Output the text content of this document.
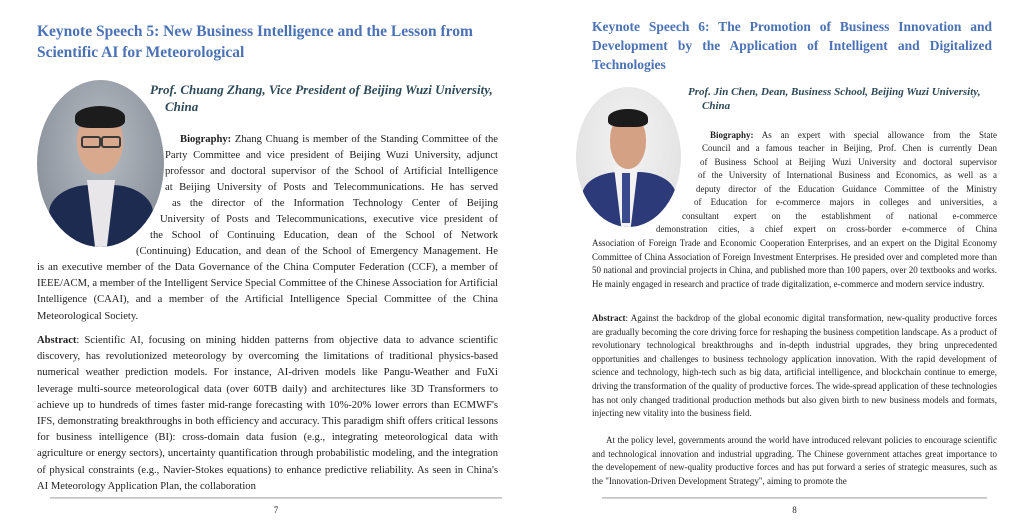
Keynote Speech 5: New Business Intelligence and the Lesson from
Scientific AI for Meteorological

Prof. Chuang Zhang, Vice President of Beijing Wuzi University,
China

Biography: Zhang Chuang is member of the Standing Committee of the

Party Committee and vice president of Beijing Wuzi University, adjunct

professor and doctoral supervisor of the School of Artificial Intelligence

at Beijing University of Posts and Telecommunications. He has served

as the director of the Information Technology Center of Beijing

University of Posts and Telecommunications, executive vice president of

the School of Continuing Education, dean of the School of Network

(Continuing) Education, and dean of the School of Emergency Management. He

is an executive member of the Data Governance of the China Computer Federation (CCF), a member of IEEE/ACM, a member of the Intelligent Service Special Committee of the Chinese Association for Artificial Intelligence (CAAI), and a member of the Artificial Intelligence Special Committee of the China Meteorological Society.

Abstract: Scientific AI, focusing on mining hidden patterns from objective data to advance scientific discovery, has revolutionized meteorology by overcoming the limitations of traditional physics-based numerical weather prediction models. For instance, AI-driven models like Pangu-Weather and FuXi leverage multi-source meteorological data (over 60TB daily) and architectures like 3D Transformers to achieve up to hundreds of times faster mid-range forecasting with 10%-20% lower errors than ECMWF's IFS, demonstrating breakthroughs in both efficiency and accuracy. This paradigm shift offers critical lessons for business intelligence (BI): cross-domain data fusion (e.g., integrating meteorological data with agriculture or energy sectors), uncertainty quantification through probabilistic modeling, and the integration of physical constraints (e.g., Navier-Stokes equations) to enhance predictive reliability. As seen in China's AI Meteorology Application Plan, the collaboration

7
Keynote Speech 6: The Promotion of Business Innovation and
Development by the Application of Intelligent and Digitalized
Technologies

Prof. Jin Chen, Dean, Business School, Beijing Wuzi University,
China

Biography: As an expert with special allowance from the State

Council and a famous teacher in Beijing, Prof. Chen is currently Dean

of Business School at Beijing Wuzi University and doctoral supervisor

of the University of International Business and Economics, as well as a

deputy director of the Education Guidance Committee of the Ministry

of Education for e-commerce majors in colleges and universities, a

consultant expert on the establishment of national e-commerce

demonstration cities, a chief expert on cross-border e-commerce of China

Association of Foreign Trade and Economic Cooperation Enterprises, and an expert on the Digital Economy Committee of China Association of Foreign Investment Enterprises. He presided over and completed more than 50 national and provincial projects in China, and published more than 100 papers, over 20 textbooks and works. He mainly engaged in research and practice of trade digitalization, e-commerce and modern service industry.

Abstract: Against the backdrop of the global economic digital transformation, new-quality productive forces are gradually becoming the core driving force for reshaping the business competition landscape. As a product of revolutionary technological breakthroughs and in-depth industrial upgrades, they bring unprecedented opportunities and challenges to business technology application innovation. With the rapid development of science and technology, high-tech such as big data, artificial intelligence, and blockchain continue to emerge, driving the transformation of the quality of productive forces. The wide-spread application of these technologies has not only changed traditional production methods but also given birth to new business models and formats, injecting new vitality into the business field.

At the policy level, governments around the world have introduced relevant policies to encourage scientific and technological innovation and industrial upgrading. The Chinese government attaches great importance to the developement of new-quality productive forces and has put forward a series of strategic measures, such as the "Innovation-Driven Development Strategy", aiming to promote the

8
